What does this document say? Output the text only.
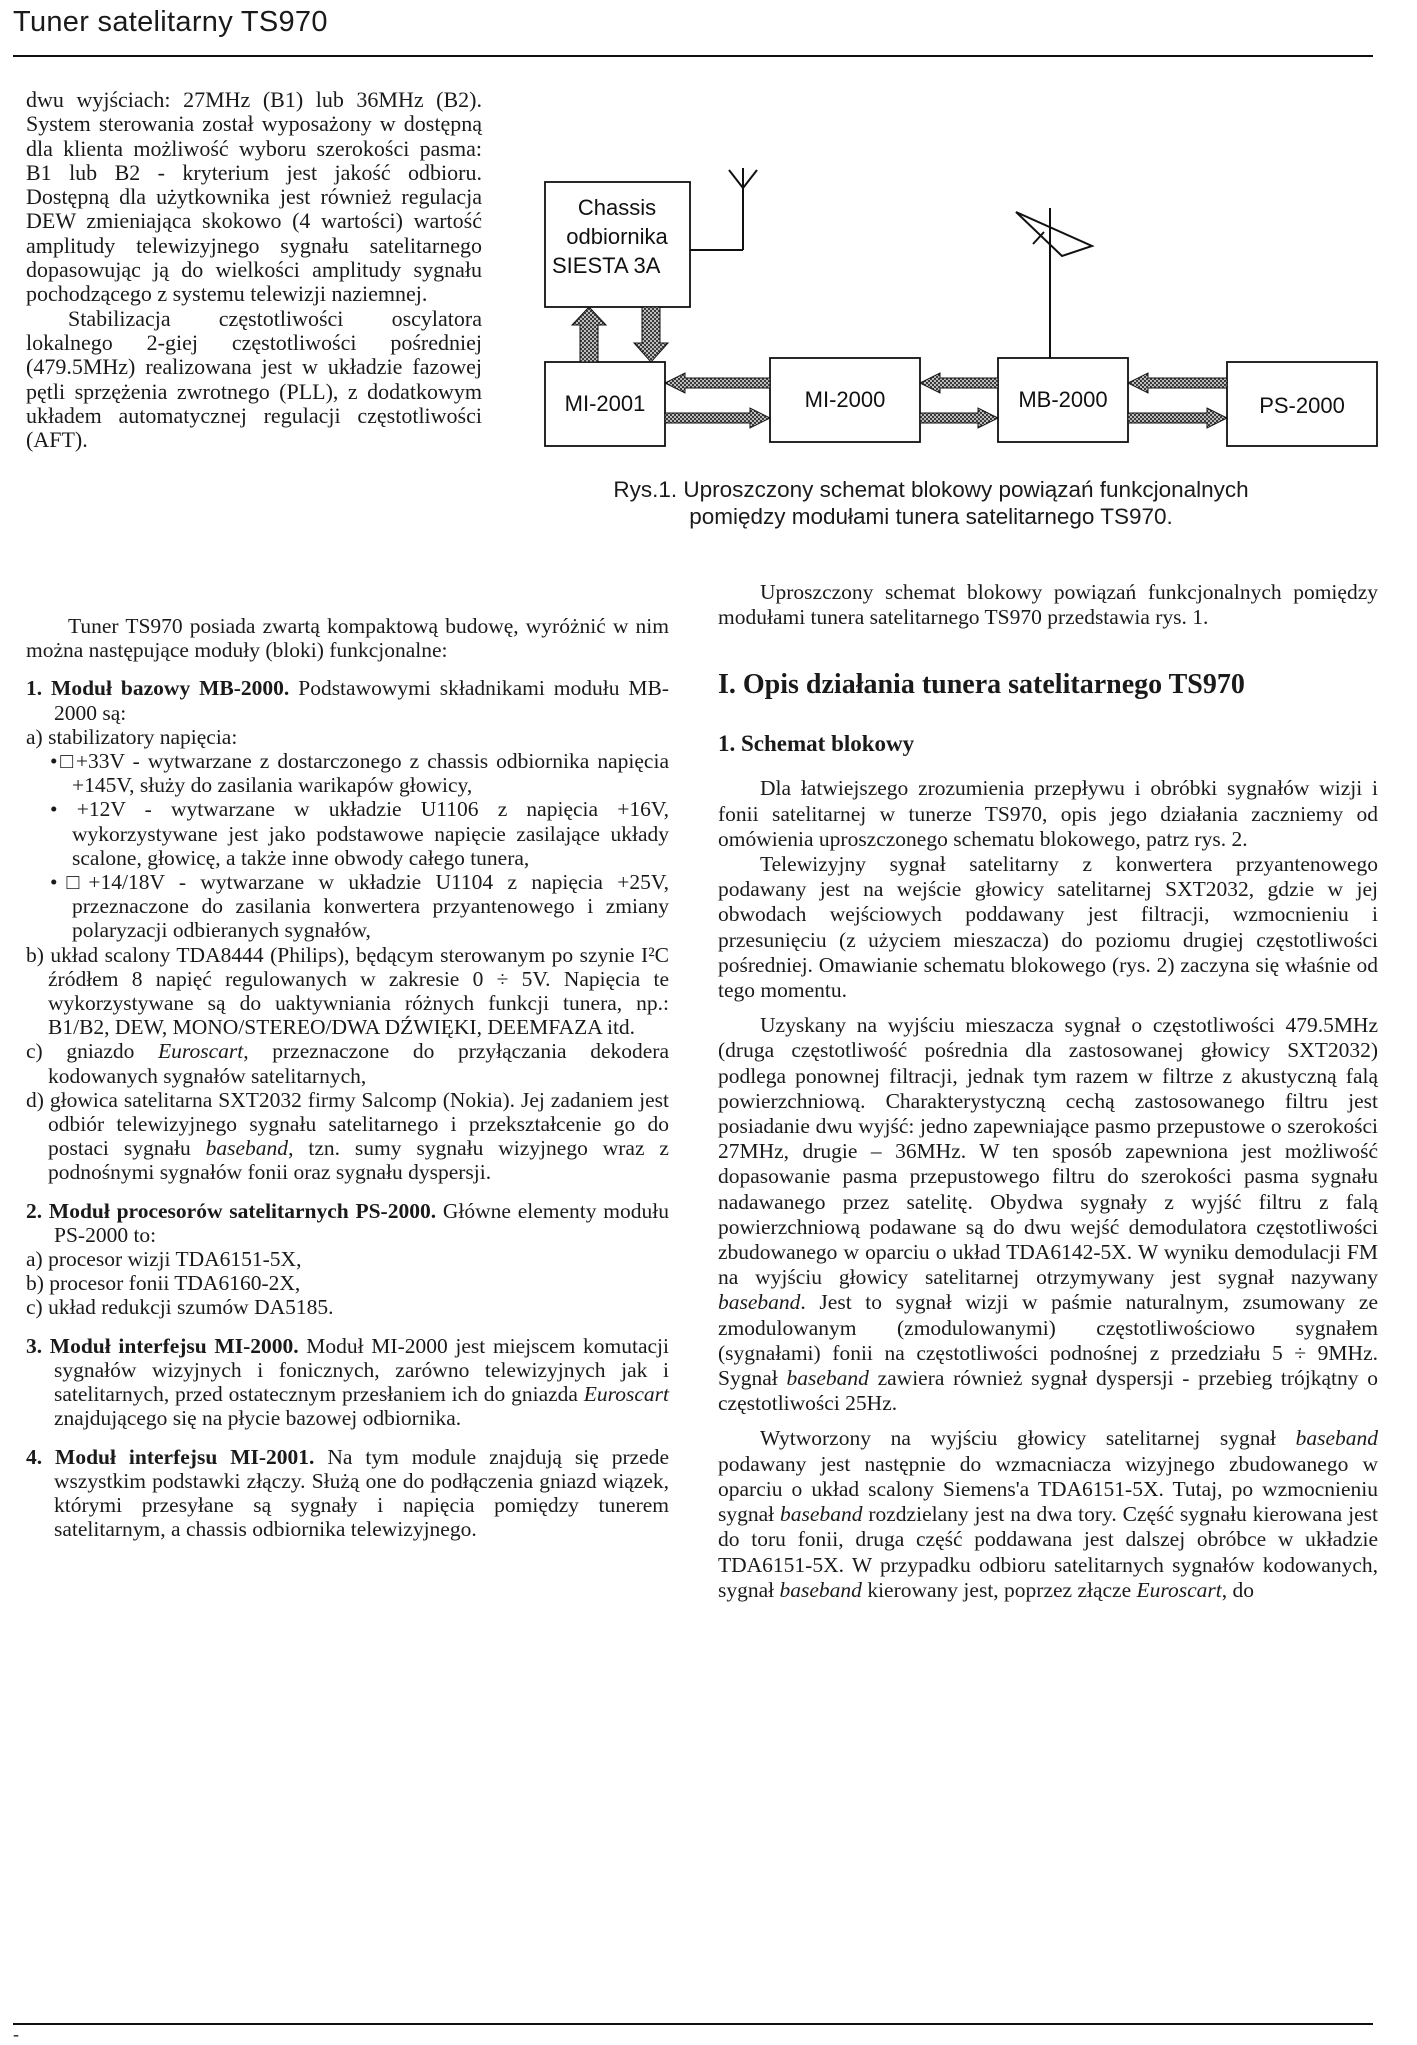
Tuner satelitarny TS970
Chassis
odbiornika
SIESTA 3A
MI-2001	MI-2000	MB-2000	PS-2000
Rys.1. Uproszczony schemat blokowy powiązań funkcjonalnych
pomiędzy modułami tunera satelitarnego TS970.

dwu wyjściach: 27MHz (B1) lub 36MHz (B2). System sterowania został wyposażony w dostępną dla klienta możliwość wyboru szerokości pasma: B1 lub B2 - kryterium jest jakość odbioru. Dostępną dla użytkownika jest również regulacja DEW zmieniająca skokowo (4 wartości) wartość amplitudy telewizyjnego sygnału satelitarnego dopasowując ją do wielkości amplitudy sygnału pochodzącego z systemu telewizji naziemnej.

Stabilizacja częstotliwości oscylatora lokalnego 2-giej częstotliwości pośredniej (479.5MHz) realizowana jest w układzie fazowej pętli sprzężenia zwrotnego (PLL), z dodatkowym układem automatycznej regulacji częstotliwości (AFT).

Tuner TS970 posiada zwartą kompaktową budowę, wyróżnić w nim można następujące moduły (bloki) funkcjonalne:

1. Moduł bazowy MB-2000. Podstawowymi składnikami modułu MB-2000 są:

a) stabilizatory napięcia:

•□+33V - wytwarzane z dostarczonego z chassis odbiornika napięcia +145V, służy do zasilania warikapów głowicy,

• +12V - wytwarzane w układzie U1106 z napięcia +16V, wykorzystywane jest jako podstawowe napięcie zasilające układy scalone, głowicę, a także inne obwody całego tunera,

•□+14/18V - wytwarzane w układzie U1104 z napięcia +25V, przeznaczone do zasilania konwertera przyantenowego i zmiany polaryzacji odbieranych sygnałów,

b) układ scalony TDA8444 (Philips), będącym sterowanym po szynie I²C źródłem 8 napięć regulowanych w zakresie 0 ÷ 5V. Napięcia te wykorzystywane są do uaktywniania różnych funkcji tunera, np.: B1/B2, DEW, MONO/STEREO/DWA DŹWIĘKI, DEEMFAZA itd.

c) gniazdo Euroscart, przeznaczone do przyłączania dekodera kodowanych sygnałów satelitarnych,

d) głowica satelitarna SXT2032 firmy Salcomp (Nokia). Jej zadaniem jest odbiór telewizyjnego sygnału satelitarnego i przekształcenie go do postaci sygnału baseband, tzn. sumy sygnału wizyjnego wraz z podnośnymi sygnałów fonii oraz sygnału dyspersji.

2. Moduł procesorów satelitarnych PS-2000. Główne elementy modułu PS-2000 to:

a) procesor wizji TDA6151-5X,

b) procesor fonii TDA6160-2X,

c) układ redukcji szumów DA5185.

3. Moduł interfejsu MI-2000. Moduł MI-2000 jest miejscem komutacji sygnałów wizyjnych i fonicznych, zarówno telewizyjnych jak i satelitarnych, przed ostatecznym przesłaniem ich do gniazda Euroscart znajdującego się na płycie bazowej odbiornika.

4. Moduł interfejsu MI-2001. Na tym module znajdują się przede wszystkim podstawki złączy. Służą one do podłączenia gniazd wiązek, którymi przesyłane są sygnały i napięcia pomiędzy tunerem satelitarnym, a chassis odbiornika telewizyjnego.

Uproszczony schemat blokowy powiązań funkcjonalnych pomiędzy modułami tunera satelitarnego TS970 przedstawia rys. 1.

I. Opis działania tunera satelitarnego TS970

1. Schemat blokowy

Dla łatwiejszego zrozumienia przepływu i obróbki sygnałów wizji i fonii satelitarnej w tunerze TS970, opis jego działania zaczniemy od omówienia uproszczonego schematu blokowego, patrz rys. 2.

Telewizyjny sygnał satelitarny z konwertera przyantenowego podawany jest na wejście głowicy satelitarnej SXT2032, gdzie w jej obwodach wejściowych poddawany jest filtracji, wzmocnieniu i przesunięciu (z użyciem mieszacza) do poziomu drugiej częstotliwości pośredniej. Omawianie schematu blokowego (rys. 2) zaczyna się właśnie od tego momentu.

Uzyskany na wyjściu mieszacza sygnał o częstotliwości 479.5MHz (druga częstotliwość pośrednia dla zastosowanej głowicy SXT2032) podlega ponownej filtracji, jednak tym razem w filtrze z akustyczną falą powierzchniową. Charakterystyczną cechą zastosowanego filtru jest posiadanie dwu wyjść: jedno zapewniające pasmo przepustowe o szerokości 27MHz, drugie – 36MHz. W ten sposób zapewniona jest możliwość dopasowanie pasma przepustowego filtru do szerokości pasma sygnału nadawanego przez satelitę. Obydwa sygnały z wyjść filtru z falą powierzchniową podawane są do dwu wejść demodulatora częstotliwości zbudowanego w oparciu o układ TDA6142-5X. W wyniku demodulacji FM na wyjściu głowicy satelitarnej otrzymywany jest sygnał nazywany baseband. Jest to sygnał wizji w paśmie naturalnym, zsumowany ze zmodulowanym (zmodulowanymi) częstotliwościowo sygnałem (sygnałami) fonii na częstotliwości podnośnej z przedziału 5 ÷ 9MHz. Sygnał baseband zawiera również sygnał dyspersji - przebieg trójkątny o częstotliwości 25Hz.

Wytworzony na wyjściu głowicy satelitarnej sygnał baseband podawany jest następnie do wzmacniacza wizyjnego zbudowanego w oparciu o układ scalony Siemens'a TDA6151-5X. Tutaj, po wzmocnieniu sygnał baseband rozdzielany jest na dwa tory. Część sygnału kierowana jest do toru fonii, druga część poddawana jest dalszej obróbce w układzie TDA6151-5X. W przypadku odbioru satelitarnych sygnałów kodowanych, sygnał baseband kierowany jest, poprzez złącze Euroscart, do

-
